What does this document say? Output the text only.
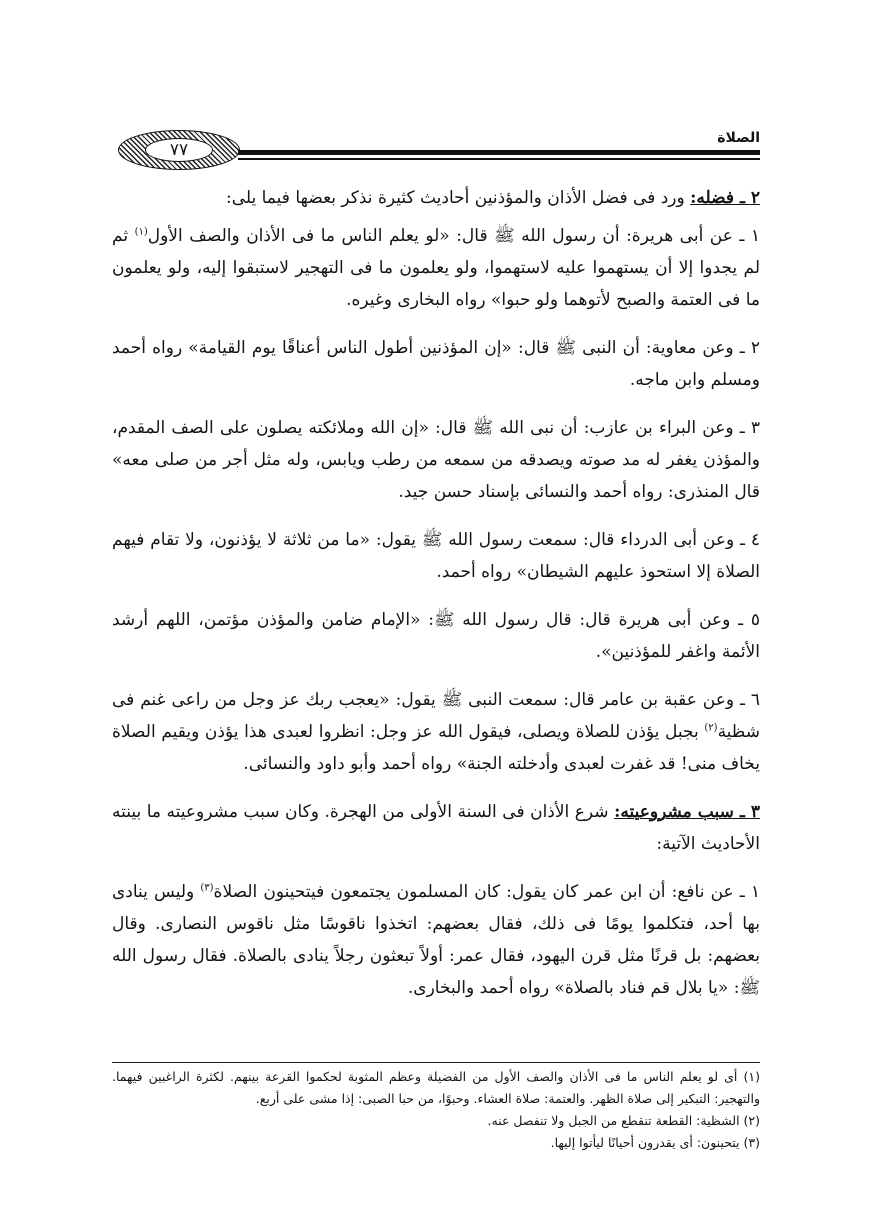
٧٧
الصلاة

٢ ـ فضله: ورد فى فضل الأذان والمؤذنين أحاديث كثيرة نذكر بعضها فيما يلى:

١ ـ عن أبى هريرة: أن رسول الله ﷺ قال: «لو يعلم الناس ما فى الأذان والصف الأول$^{(١)}$ ثم لم يجدوا إلا أن يستهموا عليه لاستهموا، ولو يعلمون ما فى التهجير لاستبقوا إليه، ولو يعلمون ما فى العتمة والصبح لأتوهما ولو حبوا» رواه البخارى وغيره.

٢ ـ وعن معاوية: أن النبى ﷺ قال: «إن المؤذنين أطول الناس أعناقًا يوم القيامة» رواه أحمد ومسلم وابن ماجه.

٣ ـ وعن البراء بن عازب: أن نبى الله ﷺ قال: «إن الله وملائكته يصلون على الصف المقدم، والمؤذن يغفر له مد صوته ويصدقه من سمعه من رطب ويابس، وله مثل أجر من صلى معه» قال المنذرى: رواه أحمد والنسائى بإسناد حسن جيد.

٤ ـ وعن أبى الدرداء قال: سمعت رسول الله ﷺ يقول: «ما من ثلاثة لا يؤذنون، ولا تقام فيهم الصلاة إلا استحوذ عليهم الشيطان» رواه أحمد.

٥ ـ وعن أبى هريرة قال: قال رسول الله ﷺ: «الإمام ضامن والمؤذن مؤتمن، اللهم أرشد الأئمة واغفر للمؤذنين».

٦ ـ وعن عقبة بن عامر قال: سمعت النبى ﷺ يقول: «يعجب ربك عز وجل من راعى غنم فى شظية$^{(٢)}$ بجبل يؤذن للصلاة ويصلى، فيقول الله عز وجل: انظروا لعبدى هذا يؤذن ويقيم الصلاة يخاف منى! قد غفرت لعبدى وأدخلته الجنة» رواه أحمد وأبو داود والنسائى.

٣ ـ سبب مشروعيته: شرع الأذان فى السنة الأولى من الهجرة. وكان سبب مشروعيته ما بينته الأحاديث الآتية:

١ ـ عن نافع: أن ابن عمر كان يقول: كان المسلمون يجتمعون فيتحينون الصلاة$^{(٣)}$ وليس ينادى بها أحد، فتكلموا يومًا فى ذلك، فقال بعضهم: اتخذوا ناقوسًا مثل ناقوس النصارى. وقال بعضهم: بل قرنًا مثل قرن اليهود، فقال عمر: أولاً تبعثون رجلاً ينادى بالصلاة. فقال رسول الله ﷺ: «يا بلال قم فناد بالصلاة» رواه أحمد والبخارى.

(١) أى لو يعلم الناس ما فى الأذان والصف الأول من الفضيلة وعظم المثوبة لحكموا القرعة بينهم. لكثرة الراغبين فيهما. والتهجير: التبكير إلى صلاة الظهر. والعتمة: صلاة العشاء. وحبوًا، من حبا الصبى: إذا مشى على أربع.

(٢) الشظية: القطعة تنقطع من الجبل ولا تنفصل عنه.

(٣) يتحينون: أى يقدرون أحيانًا ليأتوا إليها.
